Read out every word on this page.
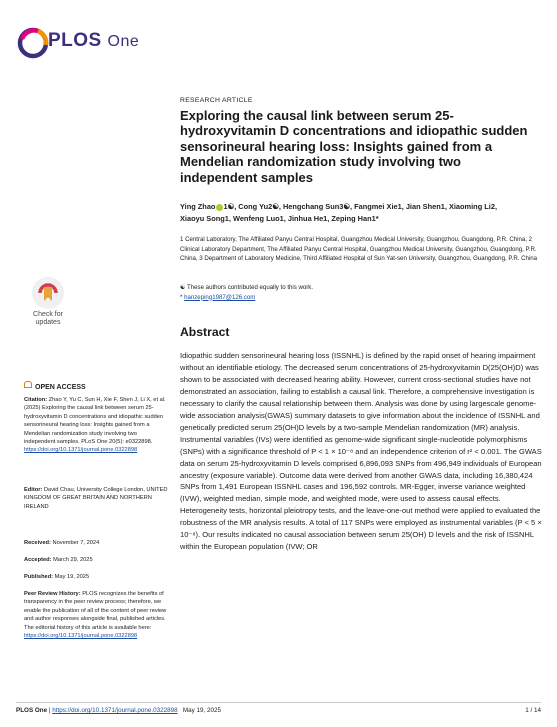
PLOS One
RESEARCH ARTICLE
Exploring the causal link between serum 25-hydroxyvitamin D concentrations and idiopathic sudden sensorineural hearing loss: Insights gained from a Mendelian randomization study involving two independent samples
Ying Zhao 1☯, Cong Yu2☯, Hengchang Sun3☯, Fangmei Xie1, Jian Shen1, Xiaoming Li2,
Xiaoyu Song1, Wenfeng Luo1, Jinhua He1, Zeping Han1*
1 Central Laboratory, The Affiliated Panyu Central Hospital, Guangzhou Medical University, Guangzhou, Guangdong, P.R. China, 2 Clinical Laboratory Department, The Affiliated Panyu Central Hospital, Guangzhou Medical University, Guangzhou, Guangdong, P.R. China, 3 Department of Laboratory Medicine, Third Affiliated Hospital of Sun Yat-sen University, Guangzhou, Guangdong, P.R. China
☯ These authors contributed equally to this work.
* hanzeping1987@126.com
Check for
updates
OPEN ACCESS
Citation: Zhao Y, Yu C, Sun H, Xie F, Shen J, Li X, et al. (2025) Exploring the causal link between serum 25-hydroxyvitamin D concentrations and idiopathic sudden sensorineural hearing loss: Insights gained from a Mendelian randomization study involving two independent samples. PLoS One 20(5): e0322898. https://doi.org/10.1371/journal.pone.0322898
Editor: David Chau, University College London, UNITED KINGDOM OF GREAT BRITAIN AND NORTHERN IRELAND
Received: November 7, 2024
Accepted: March 29, 2025
Published: May 19, 2025
Peer Review History: PLOS recognizes the benefits of transparency in the peer review process; therefore, we enable the publication of all of the content of peer review and author responses alongside final, published articles. The editorial history of this article is available here: https://doi.org/10.1371/journal.pone.0322898
Abstract
Idiopathic sudden sensorineural hearing loss (ISSNHL) is defined by the rapid onset of hearing impairment without an identifiable etiology. The decreased serum concentrations of 25-hydroxyvitamin D(25(OH)D) was shown to be associated with decreased hearing ability. However, current cross-sectional studies have not demonstrated an association, failing to establish a causal link. Therefore, a comprehensive investigation is necessary to clarify the causal relationship between them. Analysis was done by using largescale genome-wide association analysis(GWAS) summary datasets to give information about the incidence of ISSNHL and genetically predicted serum 25(OH)D levels by a two-sample Mendelian randomization (MR) analysis. Instrumental variables (IVs) were identified as genome-wide significant single-nucleotide polymorphisms (SNPs) with a significance threshold of P < 1 × 10⁻⁸ and an independence criterion of r² < 0.001. The GWAS data on serum 25-hydroxyvitamin D levels comprised 6,896,093 SNPs from 496,949 individuals of European ancestry (exposure variable). Outcome data were derived from another GWAS data, including 16,380,424 SNPs from 1,491 European ISSNHL cases and 196,592 controls. MR-Egger, inverse variance weighted (IVW), weighted median, simple mode, and weighted mode, were used to assess causal effects. Heterogeneity tests, horizontal pleiotropy tests, and the leave-one-out method were applied to evaluated the robustness of the MR analysis results. A total of 117 SNPs were employed as instrumental variables (P < 5 × 10⁻⁸). Our results indicated no causal association between serum 25(OH) D levels and the risk of ISSNHL within the European population (IVW; OR
PLOS One | https://doi.org/10.1371/journal.pone.0322898 May 19, 2025	1 / 14
